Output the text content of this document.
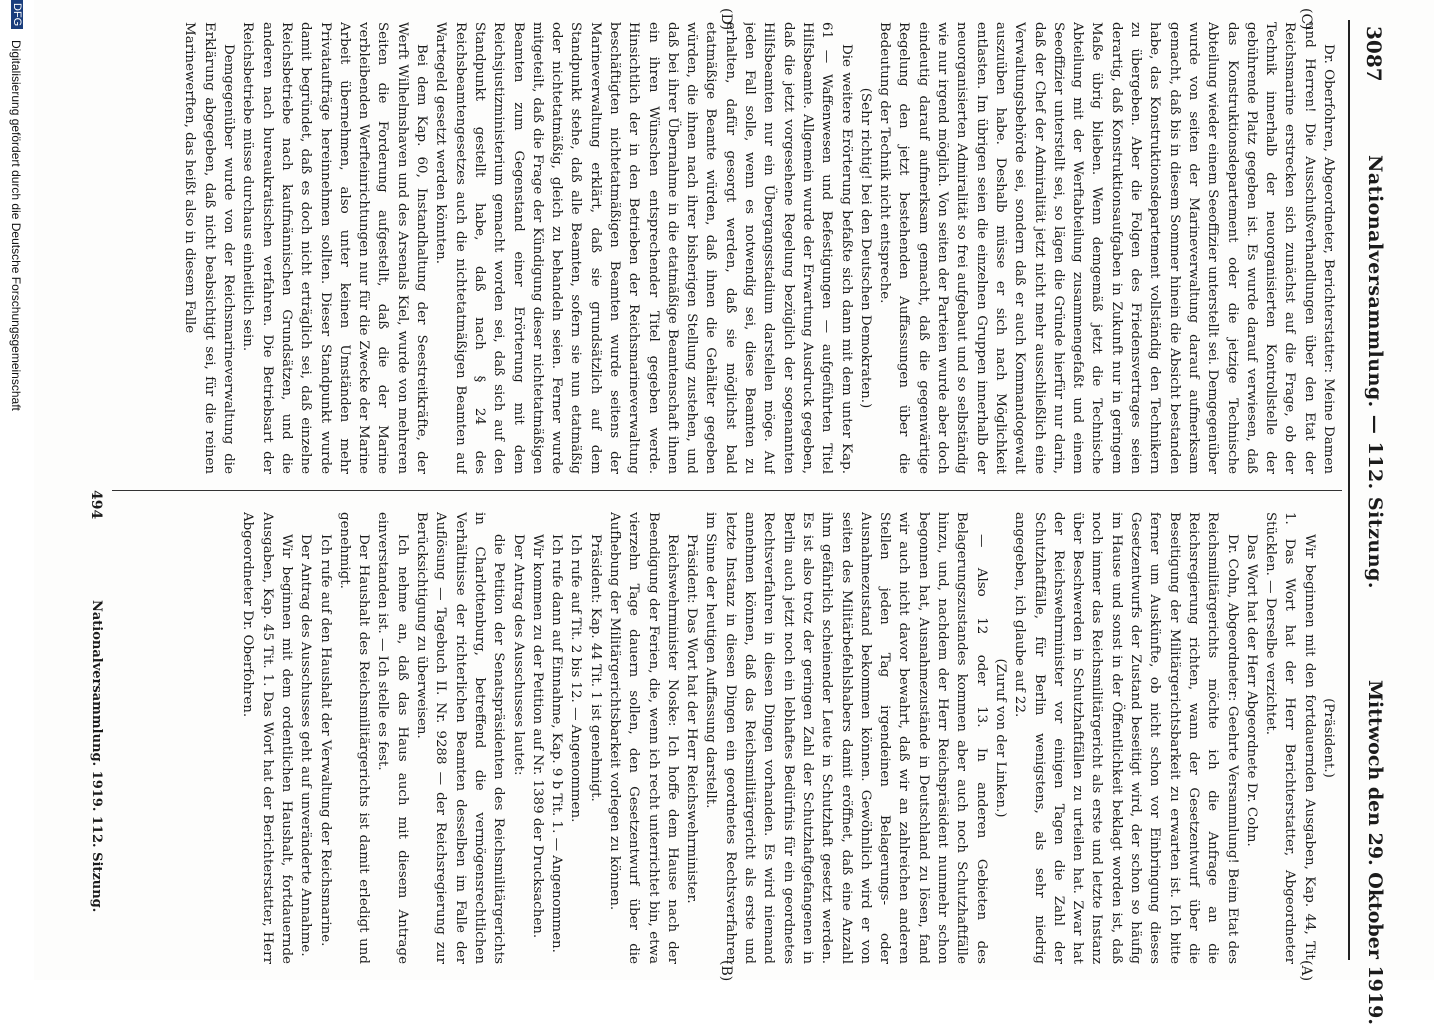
3087
Nationalversammlung. — 112. Sitzung.
Mittwoch den 29. Oktober 1919.
(A)
(B)
(C)
(D)

(Präsident.)

Wir beginnen mit den fortdauernden Ausgaben, Kap. 44, Tit. 1. Das Wort hat der Herr Berichterstatter, Abgeordneter Stücklen. — Derselbe verzichtet.

Das Wort hat der Herr Abgeordnete Dr. Cohn.

Dr. Cohn, Abgeordneter: Geehrte Versammlung! Beim Etat des Reichsmilitärgerichts möchte ich die Anfrage an die Reichsregierung richten, wann der Gesetzentwurf über die Beseitigung der Militärgerichtsbarkeit zu erwarten ist. Ich bitte ferner um Auskünfte, ob nicht schon vor Einbringung dieses Gesetzentwurfs der Zustand beseitigt wird, der schon so häufig im Hause und sonst in der Öffentlichkeit beklagt worden ist, daß noch immer das Reichsmilitärgericht als erste und letzte Instanz über Beschwerden in Schutzhaftfällen zu urteilen hat. Zwar hat der Reichswehrminister vor einigen Tagen die Zahl der Schutzhaftfälle, für Berlin wenigstens, als sehr niedrig angegeben, ich glaube auf 22.

(Zuruf von der Linken.)

— Also 12 oder 13. In anderen Gebieten des Belagerungszustandes kommen aber auch noch Schutzhaftfälle hinzu, und, nachdem der Herr Reichspräsident nunmehr schon begonnen hat, Ausnahmezustände in Deutschland zu lösen, fand wir auch nicht davor bewahrt, daß wir an zahlreichen anderen Stellen jeden Tag irgendeinen Belagerungs- oder Ausnahmezustand bekommen können. Gewöhnlich wird er von seiten des Militärbefehlshabers damit eröffnet, daß eine Anzahl ihm gefährlich scheinender Leute in Schutzhaft gesetzt werden. Es ist also trotz der geringen Zahl der Schutzhaftgefangenen in Berlin auch jetzt noch ein lebhaftes Bedürfnis für ein geordnetes Rechtsverfahren in diesen Dingen vorhanden. Es wird niemand annehmen können, daß das Reichsmilitärgericht als erste und letzte Instanz in diesen Dingen ein geordnetes Rechtsverfahren im Sinne der heutigen Auffassung darstellt.

Präsident: Das Wort hat der Herr Reichswehrminister.

Reichswehrminister Noske: Ich hoffe dem Hause nach der Beendigung der Ferien, die, wenn ich recht unterrichtet bin, etwa vierzehn Tage dauern sollen, den Gesetzentwurf über die Aufhebung der Militärgerichtsbarkeit vorlegen zu können.

Präsident: Kap. 44 Tit. 1 ist genehmigt.

Ich rufe auf Tit. 2 bis 12. — Angenommen.

Ich rufe dann auf Einnahme, Kap. 9 b Tit. 1. — Angenommen.

Wir kommen zu der Petition auf Nr. 1389 der Drucksachen.

Der Antrag des Ausschusses lautet:

die Petition der Senatspräsidenten des Reichsmilitärgerichts in Charlottenburg, betreffend die vermögensrechtlichen Verhältnisse der richterlichen Beamten desselben im Falle der Auflösung — Tagebuch II. Nr. 9288 — der Reichsregierung zur Berücksichtigung zu überweisen.

Ich nehme an, daß das Haus auch mit diesem Antrage einverstanden ist. — Ich stelle es fest.

Der Haushalt des Reichsmilitärgerichts ist damit erledigt und genehmigt.

Ich rufe auf den Haushalt der Verwaltung der Reichsmarine.

Der Antrag des Ausschusses geht auf unveränderte Annahme.

Wir beginnen mit dem ordentlichen Haushalt, fortdauernde Ausgaben, Kap. 45 Tit. 1. Das Wort hat der Berichterstatter, Herr Abgeordneter Dr. Oberfohren.

Dr. Oberfohren, Abgeordneter, Berichterstatter: Meine Damen und Herren! Die Ausschußverhandlungen über den Etat der Reichsmarine erstrecken sich zunächst auf die Frage, ob der Technik innerhalb der neuorganisierten Kontrollstelle der gebührende Platz gegeben ist. Es wurde darauf verwiesen, daß das Konstruktionsdepartement oder die jetzige Technische Abteilung wieder einem Seeoffizier unterstellt sei. Demgegenüber wurde von seiten der Marineverwaltung darauf aufmerksam gemacht, daß bis in diesem Sommer hinein die Absicht bestanden habe, das Konstruktionsdepartement vollständig den Technikern zu übergeben. Aber die Folgen des Friedensvertrages seien derartig, daß Konstruktionsaufgaben in Zukunft nur in geringem Maße übrig blieben. Wenn demgemäß jetzt die Technische Abteilung mit der Werftabteilung zusammengefaßt und einem Seeoffizier unterstellt sei, so lägen die Gründe hierfür nur darin, daß der Chef der Admiralität jetzt nicht mehr ausschließlich eine Verwaltungsbehörde sei, sondern daß er auch Kommandogewalt auszuüben habe. Deshalb müsse er sich nach Möglichkeit entlasten. Im übrigen seien die einzelnen Gruppen innerhalb der neuorganisierten Admiralität so frei aufgebaut und so selbständig wie nur irgend möglich. Von seiten der Parteien wurde aber doch eindeutig darauf aufmerksam gemacht, daß die gegenwärtige Regelung den jetzt bestehenden Auffassungen über die Bedeutung der Technik nicht entspreche.

(Sehr richtig! bei den Deutschen Demokraten.)

Die weitere Erörterung befaßte sich dann mit dem unter Kap. 61 — Waffenwesen und Befestigungen — aufgeführten Titel Hilfsbeamte. Allgemein wurde der Erwartung Ausdruck gegeben, daß die jetzt vorgesehene Regelung bezüglich der sogenannten Hilfsbeamten nur ein Übergangsstadium darstellen möge. Auf jeden Fall solle, wenn es notwendig sei, diese Beamten zu erhalten, dafür gesorgt werden, daß sie möglichst bald etatmäßige Beamte würden, daß ihnen die Gehälter gegeben würden, die ihnen nach ihrer bisherigen Stellung zustehen, und daß bei ihrer Übernahme in die etatmäßige Beamtenschaft ihnen ein ihren Wünschen entsprechender Titel gegeben werde. Hinsichtlich der in den Betrieben der Reichsmarineverwaltung beschäftigten nichtetatmäßigen Beamten wurde seitens der Marineverwaltung erklärt, daß sie grundsätzlich auf dem Standpunkt stehe, daß alle Beamten, sofern sie nun etatmäßig oder nichtetatmäßig, gleich zu behandeln seien. Ferner wurde mitgeteilt, daß die Frage der Kündigung dieser nichtetatmäßigen Beamten zum Gegenstand einer Erörterung mit dem Reichsjustizministerium gemacht worden sei, daß sich auf den Standpunkt gestellt habe, daß nach § 24 des Reichsbeamtengesetzes auch die nichtetatmäßigen Beamten auf Wartegeld gesetzt werden könnten.

Bei dem Kap. 60, Instandhaltung der Seestreitkräfte, der Werft Wilhelmshaven und des Arsenals Kiel, wurde von mehreren Seiten die Forderung aufgestellt, daß die der Marine verbleibenden Werfteinrichtungen nur für die Zwecke der Marine Arbeit übernehmen, also unter keinen Umständen mehr Privataufträge hereinnehmen sollten. Dieser Standpunkt wurde damit begründet, daß es doch nicht erträglich sei, daß einzelne Reichsbetriebe nach kaufmännischen Grundsätzen, und die anderen nach bureaukratischen verfahren. Die Betriebsart der Reichsbetriebe müsse durchaus einheitlich sein.

Demgegenüber wurde von der Reichsmarineverwaltung die Erklärung abgegeben, daß nicht beabsichtigt sei, für die reinen Marinewerften, das heißt also in diesem Falle

494
Nationalversammlung. 1919. 112. Sitzung.
DFG
Digitalisierung gefördert durch die Deutsche Forschungsgemeinschaft
